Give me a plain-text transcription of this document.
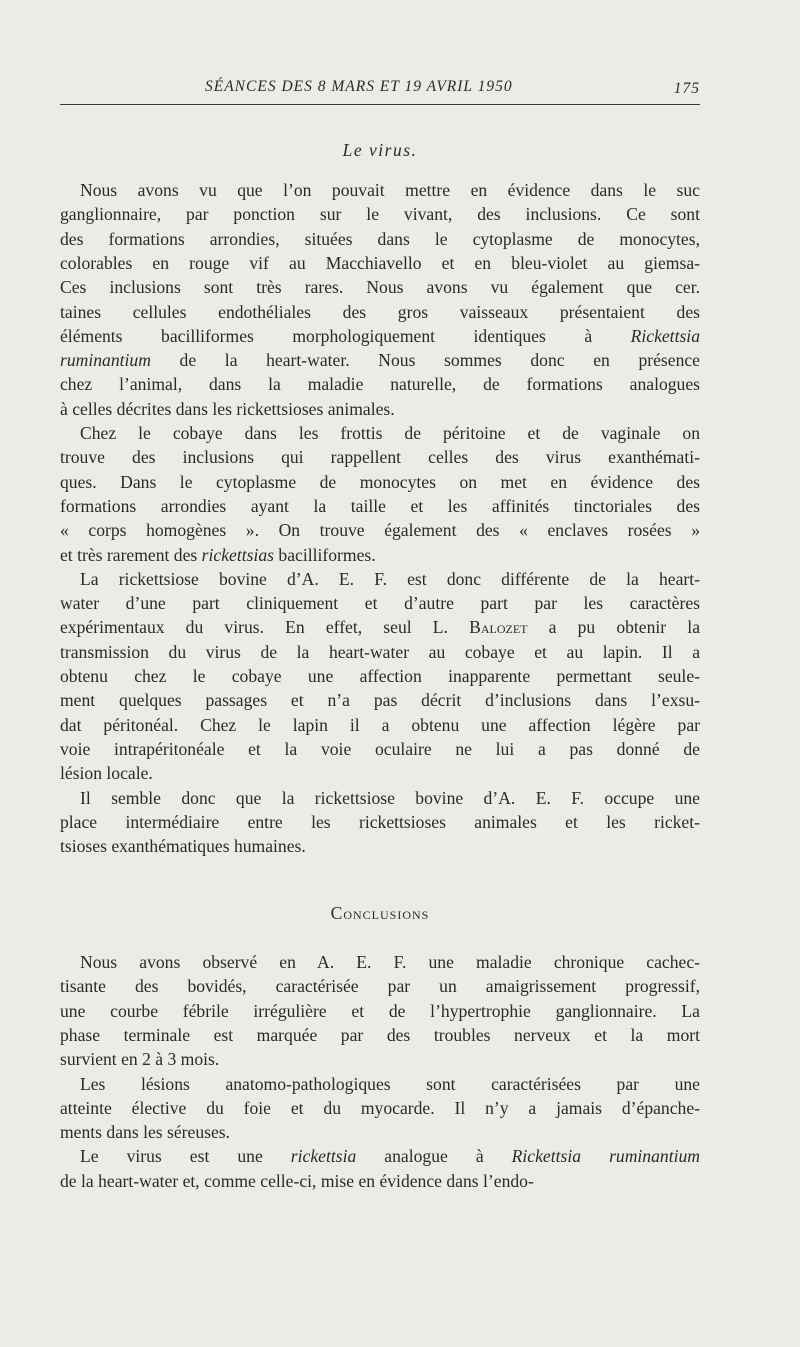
SÉANCES DES 8 MARS ET 19 AVRIL 1950	175
Le virus.
Nous avons vu que l’on pouvait mettre en évidence dans le suc
ganglionnaire, par ponction sur le vivant, des inclusions. Ce sont
des formations arrondies, situées dans le cytoplasme de monocytes,
colorables en rouge vif au Macchiavello et en bleu-violet au giemsa-
Ces inclusions sont très rares. Nous avons vu également que cer.
taines cellules endothéliales des gros vaisseaux présentaient des
éléments bacilliformes morphologiquement identiques à Rickettsia
ruminantium de la heart-water. Nous sommes donc en présence
chez l’animal, dans la maladie naturelle, de formations analogues
à celles décrites dans les rickettsioses animales.
Chez le cobaye dans les frottis de péritoine et de vaginale on
trouve des inclusions qui rappellent celles des virus exanthémati-
ques. Dans le cytoplasme de monocytes on met en évidence des
formations arrondies ayant la taille et les affinités tinctoriales des
« corps homogènes ». On trouve également des « enclaves rosées »
et très rarement des rickettsias bacilliformes.
La rickettsiose bovine d’A. E. F. est donc différente de la heart-
water d’une part cliniquement et d’autre part par les caractères
expérimentaux du virus. En effet, seul L. Balozet a pu obtenir la
transmission du virus de la heart-water au cobaye et au lapin. Il a
obtenu chez le cobaye une affection inapparente permettant seule-
ment quelques passages et n’a pas décrit d’inclusions dans l’exsu-
dat péritonéal. Chez le lapin il a obtenu une affection légère par
voie intrapéritonéale et la voie oculaire ne lui a pas donné de
lésion locale.
Il semble donc que la rickettsiose bovine d’A. E. F. occupe une
place intermédiaire entre les rickettsioses animales et les ricket-
tsioses exanthématiques humaines.
Conclusions
Nous avons observé en A. E. F. une maladie chronique cachec-
tisante des bovidés, caractérisée par un amaigrissement progressif,
une courbe fébrile irrégulière et de l’hypertrophie ganglionnaire. La
phase terminale est marquée par des troubles nerveux et la mort
survient en 2 à 3 mois.
Les lésions anatomo-pathologiques sont caractérisées par une
atteinte élective du foie et du myocarde. Il n’y a jamais d’épanche-
ments dans les séreuses.
Le virus est une rickettsia analogue à Rickettsia ruminantium
de la heart-water et, comme celle-ci, mise en évidence dans l’endo-
